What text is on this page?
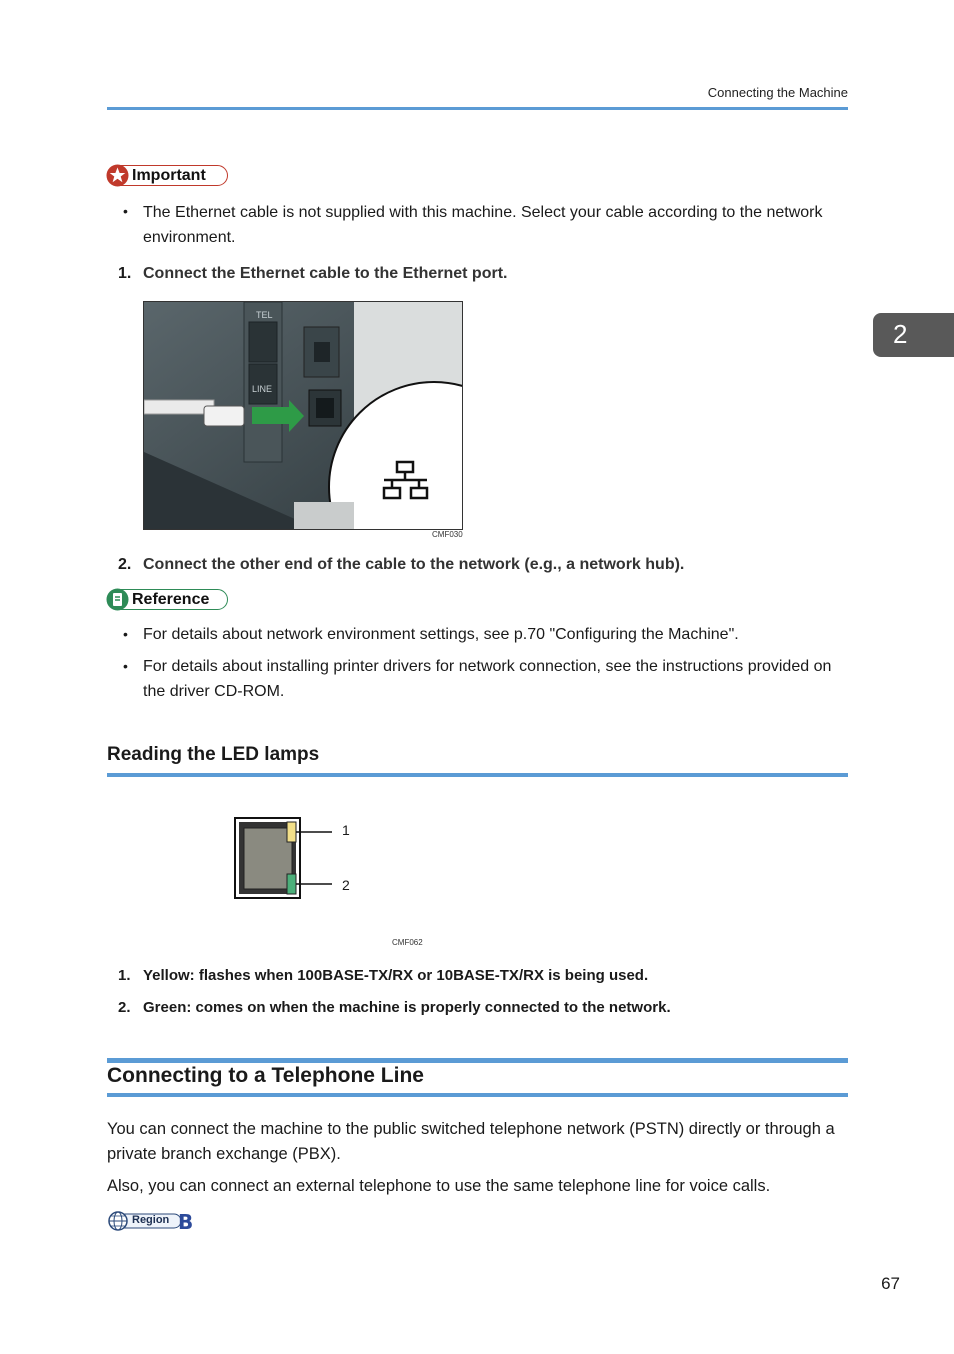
Connecting the Machine
2
Important
• The Ethernet cable is not supplied with this machine. Select your cable according to the network
environment.
1. Connect the Ethernet cable to the Ethernet port.
TEL
LINE
CMF030
2. Connect the other end of the cable to the network (e.g., a network hub).
Reference
• For details about network environment settings, see p.70 "Configuring the Machine".
• For details about installing printer drivers for network connection, see the instructions provided on
the driver CD-ROM.
Reading the LED lamps
1
2
CMF062
1. Yellow: flashes when 100BASE-TX/RX or 10BASE-TX/RX is being used.
2. Green: comes on when the machine is properly connected to the network.
Connecting to a Telephone Line
You can connect the machine to the public switched telephone network (PSTN) directly or through a
private branch exchange (PBX).
Also, you can connect an external telephone to use the same telephone line for voice calls.
Region B
67
